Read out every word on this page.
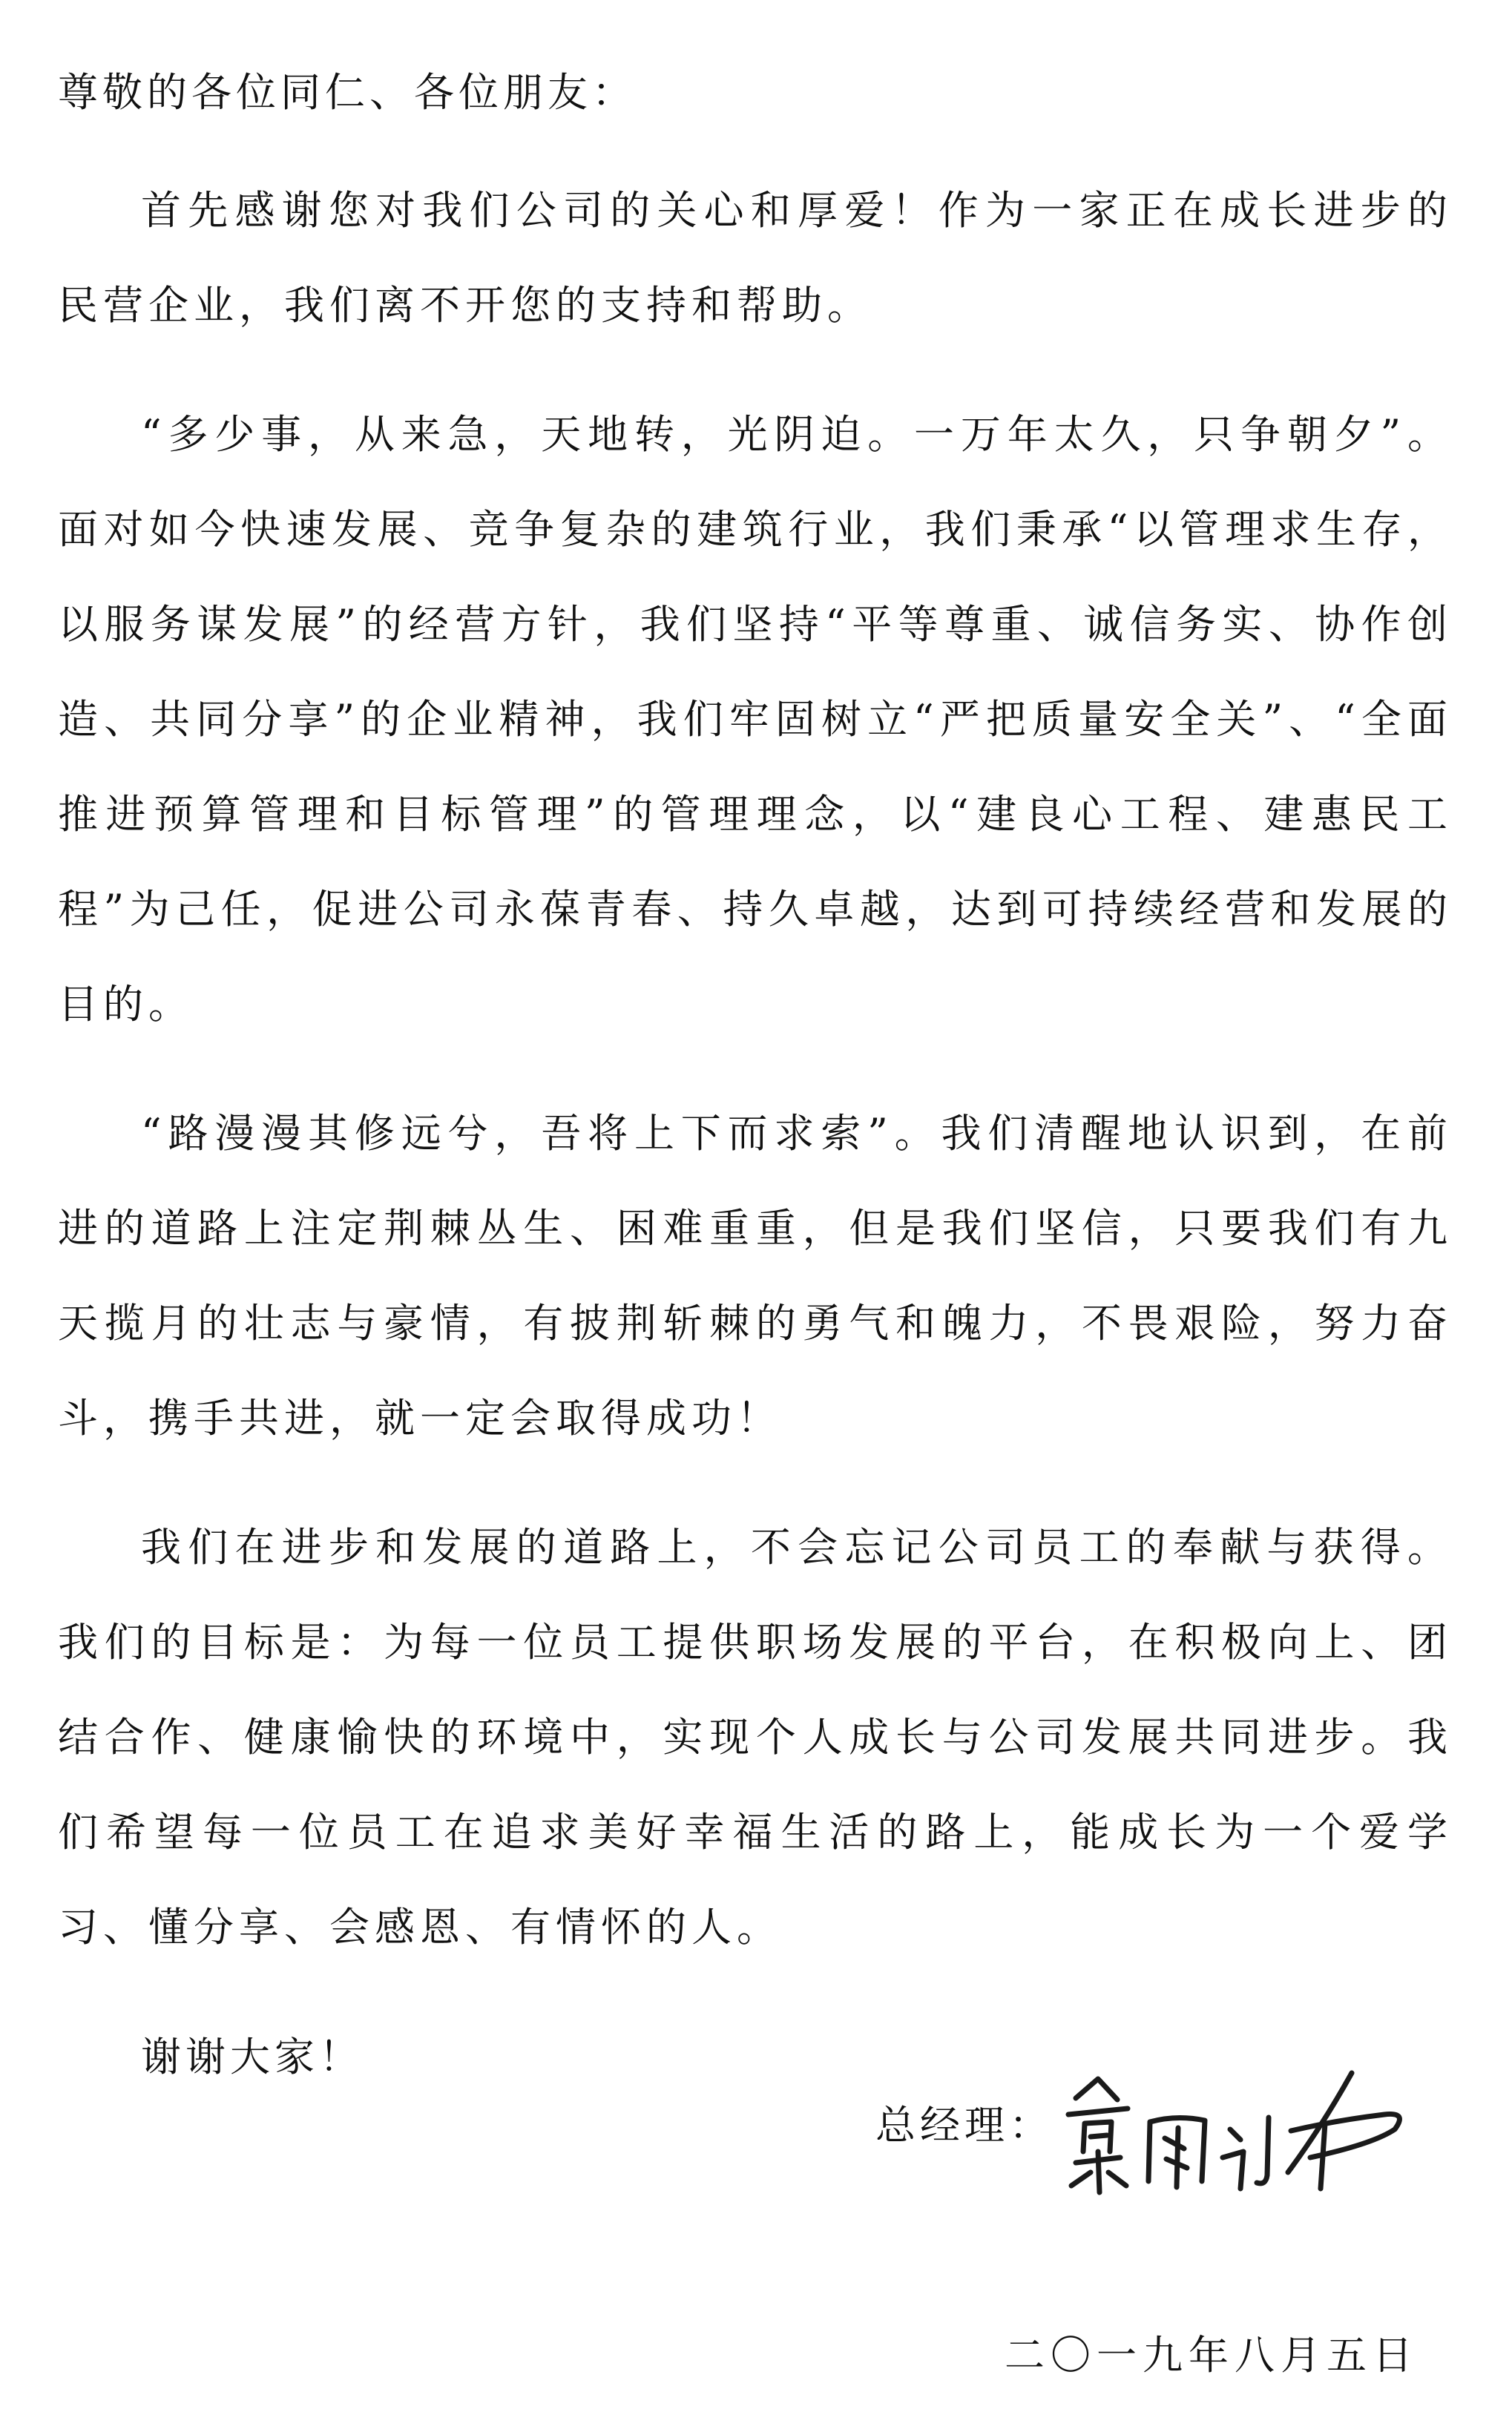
尊敬的各位同仁、各位朋友：

首先感谢您对我们公司的关心和厚爱！作为一家正在成长进步的民营企业，我们离不开您的支持和帮助。

“多少事，从来急，天地转，光阴迫。一万年太久，只争朝夕”。面对如今快速发展、竞争复杂的建筑行业，我们秉承“以管理求生存，以服务谋发展”的经营方针，我们坚持“平等尊重、诚信务实、协作创造、共同分享”的企业精神，我们牢固树立“严把质量安全关”、“全面推进预算管理和目标管理”的管理理念，以“建良心工程、建惠民工程”为己任，促进公司永葆青春、持久卓越，达到可持续经营和发展的目的。

“路漫漫其修远兮，吾将上下而求索”。我们清醒地认识到，在前进的道路上注定荆棘丛生、困难重重，但是我们坚信，只要我们有九天揽月的壮志与豪情，有披荆斩棘的勇气和魄力，不畏艰险，努力奋斗，携手共进，就一定会取得成功！

我们在进步和发展的道路上，不会忘记公司员工的奉献与获得。我们的目标是：为每一位员工提供职场发展的平台，在积极向上、团结合作、健康愉快的环境中，实现个人成长与公司发展共同进步。我们希望每一位员工在追求美好幸福生活的路上，能成长为一个爱学习、懂分享、会感恩、有情怀的人。

谢谢大家！

总经理：
二〇一九年八月五日
